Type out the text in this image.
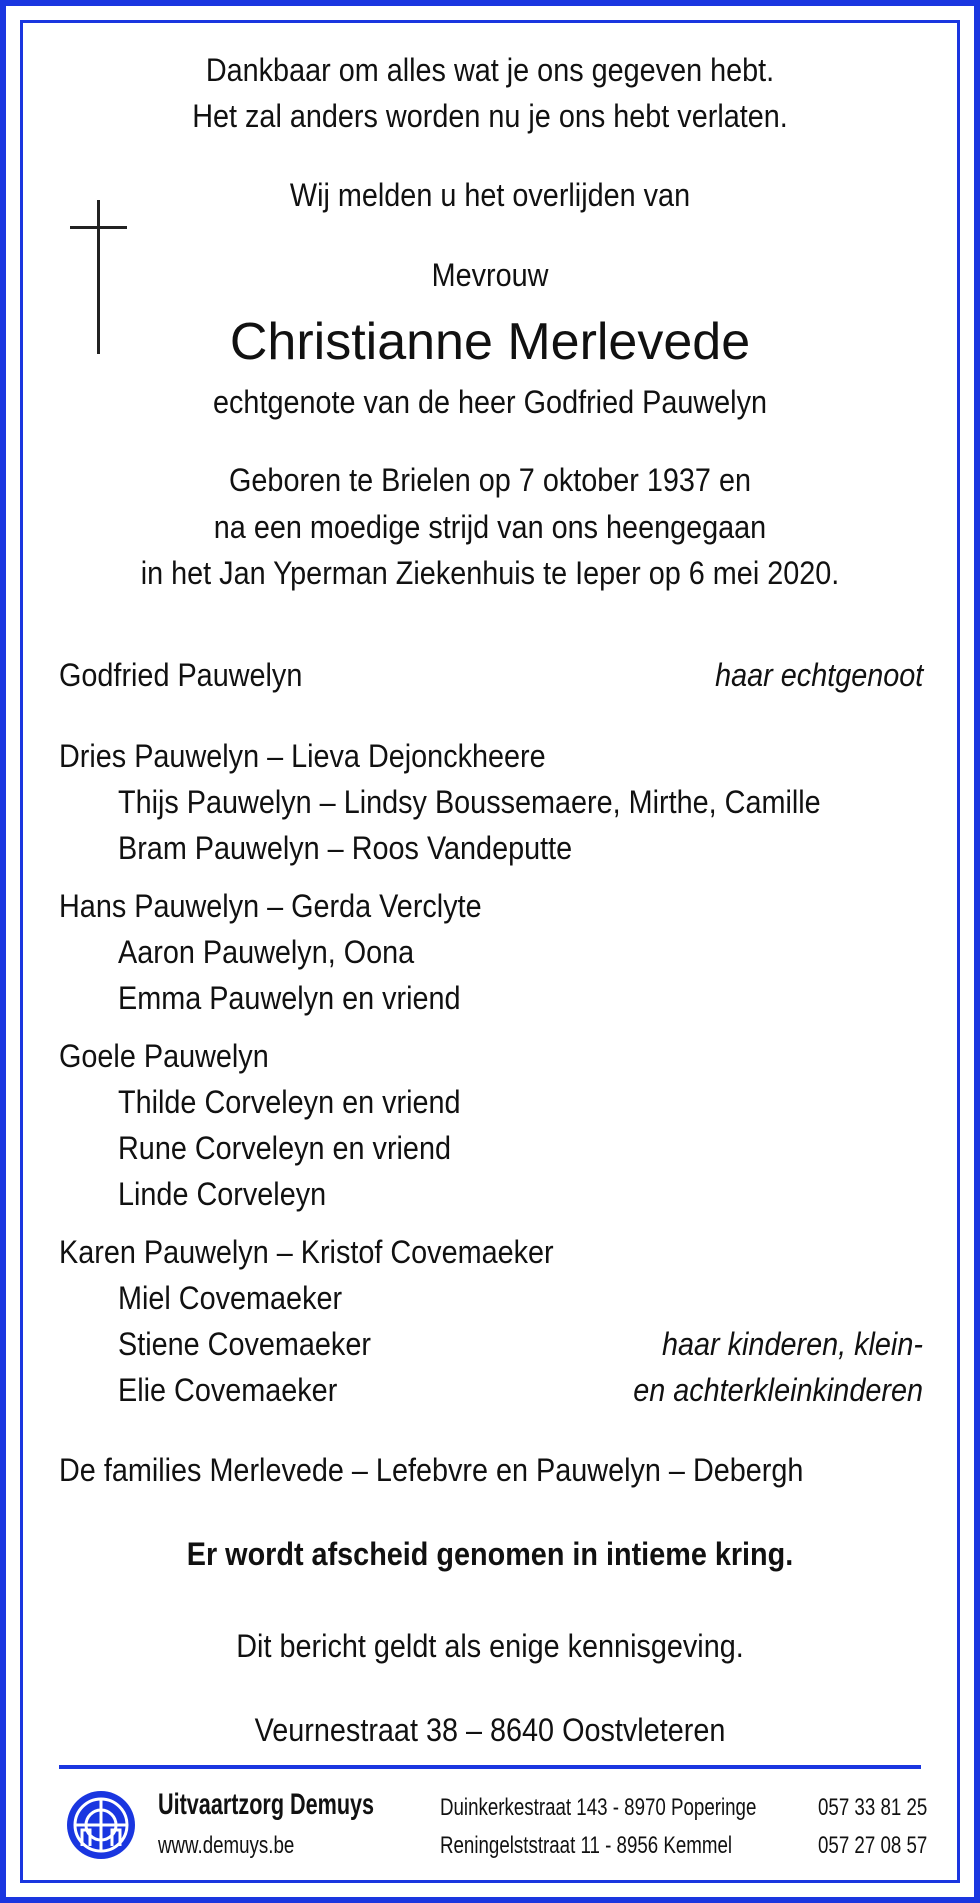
Dankbaar om alles wat je ons gegeven hebt.
Het zal anders worden nu je ons hebt verlaten.
Wij melden u het overlijden van
Mevrouw
Christianne Merlevede
echtgenote van de heer Godfried Pauwelyn
Geboren te Brielen op 7 oktober 1937 en
na een moedige strijd van ons heengegaan
in het Jan Yperman Ziekenhuis te Ieper op 6 mei 2020.
Godfried Pauwelyn	haar echtgenoot
Dries Pauwelyn – Lieva Dejonckheere
Thijs Pauwelyn – Lindsy Boussemaere, Mirthe, Camille
Bram Pauwelyn – Roos Vandeputte
Hans Pauwelyn – Gerda Verclyte
Aaron Pauwelyn, Oona
Emma Pauwelyn en vriend
Goele Pauwelyn
Thilde Corveleyn en vriend
Rune Corveleyn en vriend
Linde Corveleyn
Karen Pauwelyn – Kristof Covemaeker
Miel Covemaeker
Stiene Covemaeker
Elie Covemaeker
haar kinderen, klein-
en achterkleinkinderen
De families Merlevede – Lefebvre en Pauwelyn – Debergh
Er wordt afscheid genomen in intieme kring.
Dit bericht geldt als enige kennisgeving.
Veurnestraat 38 – 8640 Oostvleteren
Uitvaartzorg Demuys
www.demuys.be
Duinkerkestraat 143 - 8970 Poperinge
Reningelststraat 11 - 8956 Kemmel
057 33 81 25
057 27 08 57
